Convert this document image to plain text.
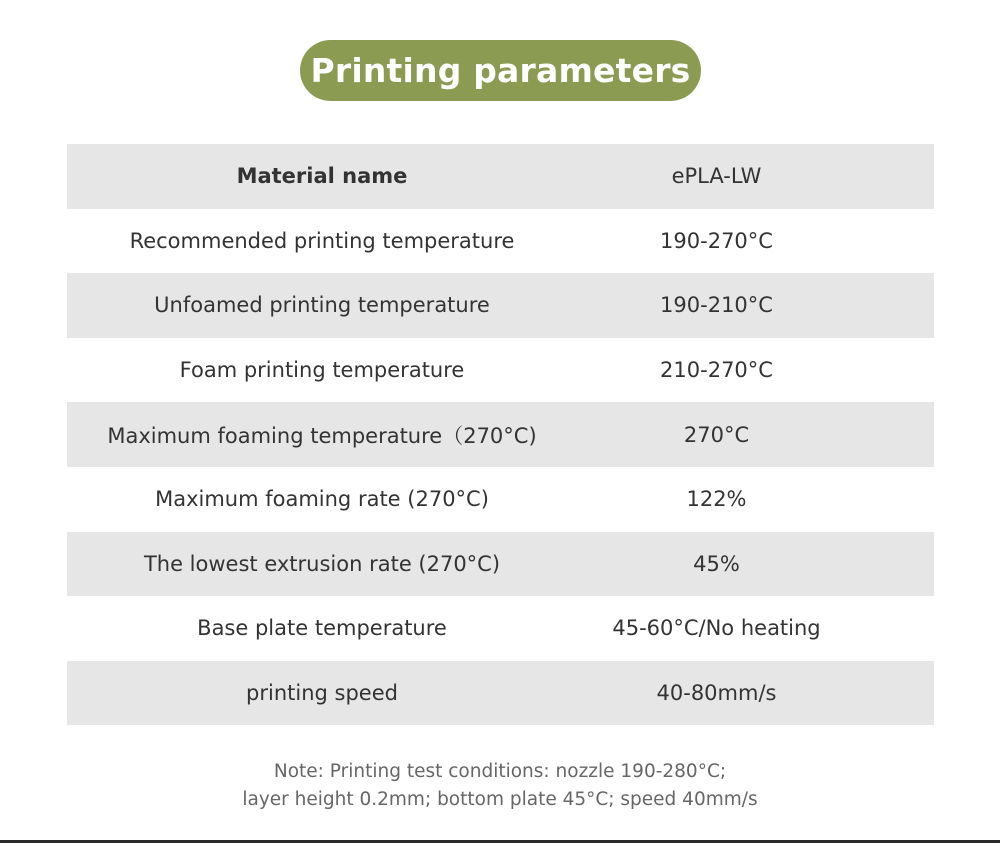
Printing parameters
Material name	ePLA-LW
Recommended printing temperature	190-270°C
Unfoamed printing temperature	190-210°C
Foam printing temperature	210-270°C
Maximum foaming temperature（270°C)	270°C
Maximum foaming rate (270°C)	122%
The lowest extrusion rate (270°C)	45%
Base plate temperature	45-60°C/No heating
printing speed	40-80mm/s
Note: Printing test conditions: nozzle 190-280°C;
layer height 0.2mm; bottom plate 45°C; speed 40mm/s
